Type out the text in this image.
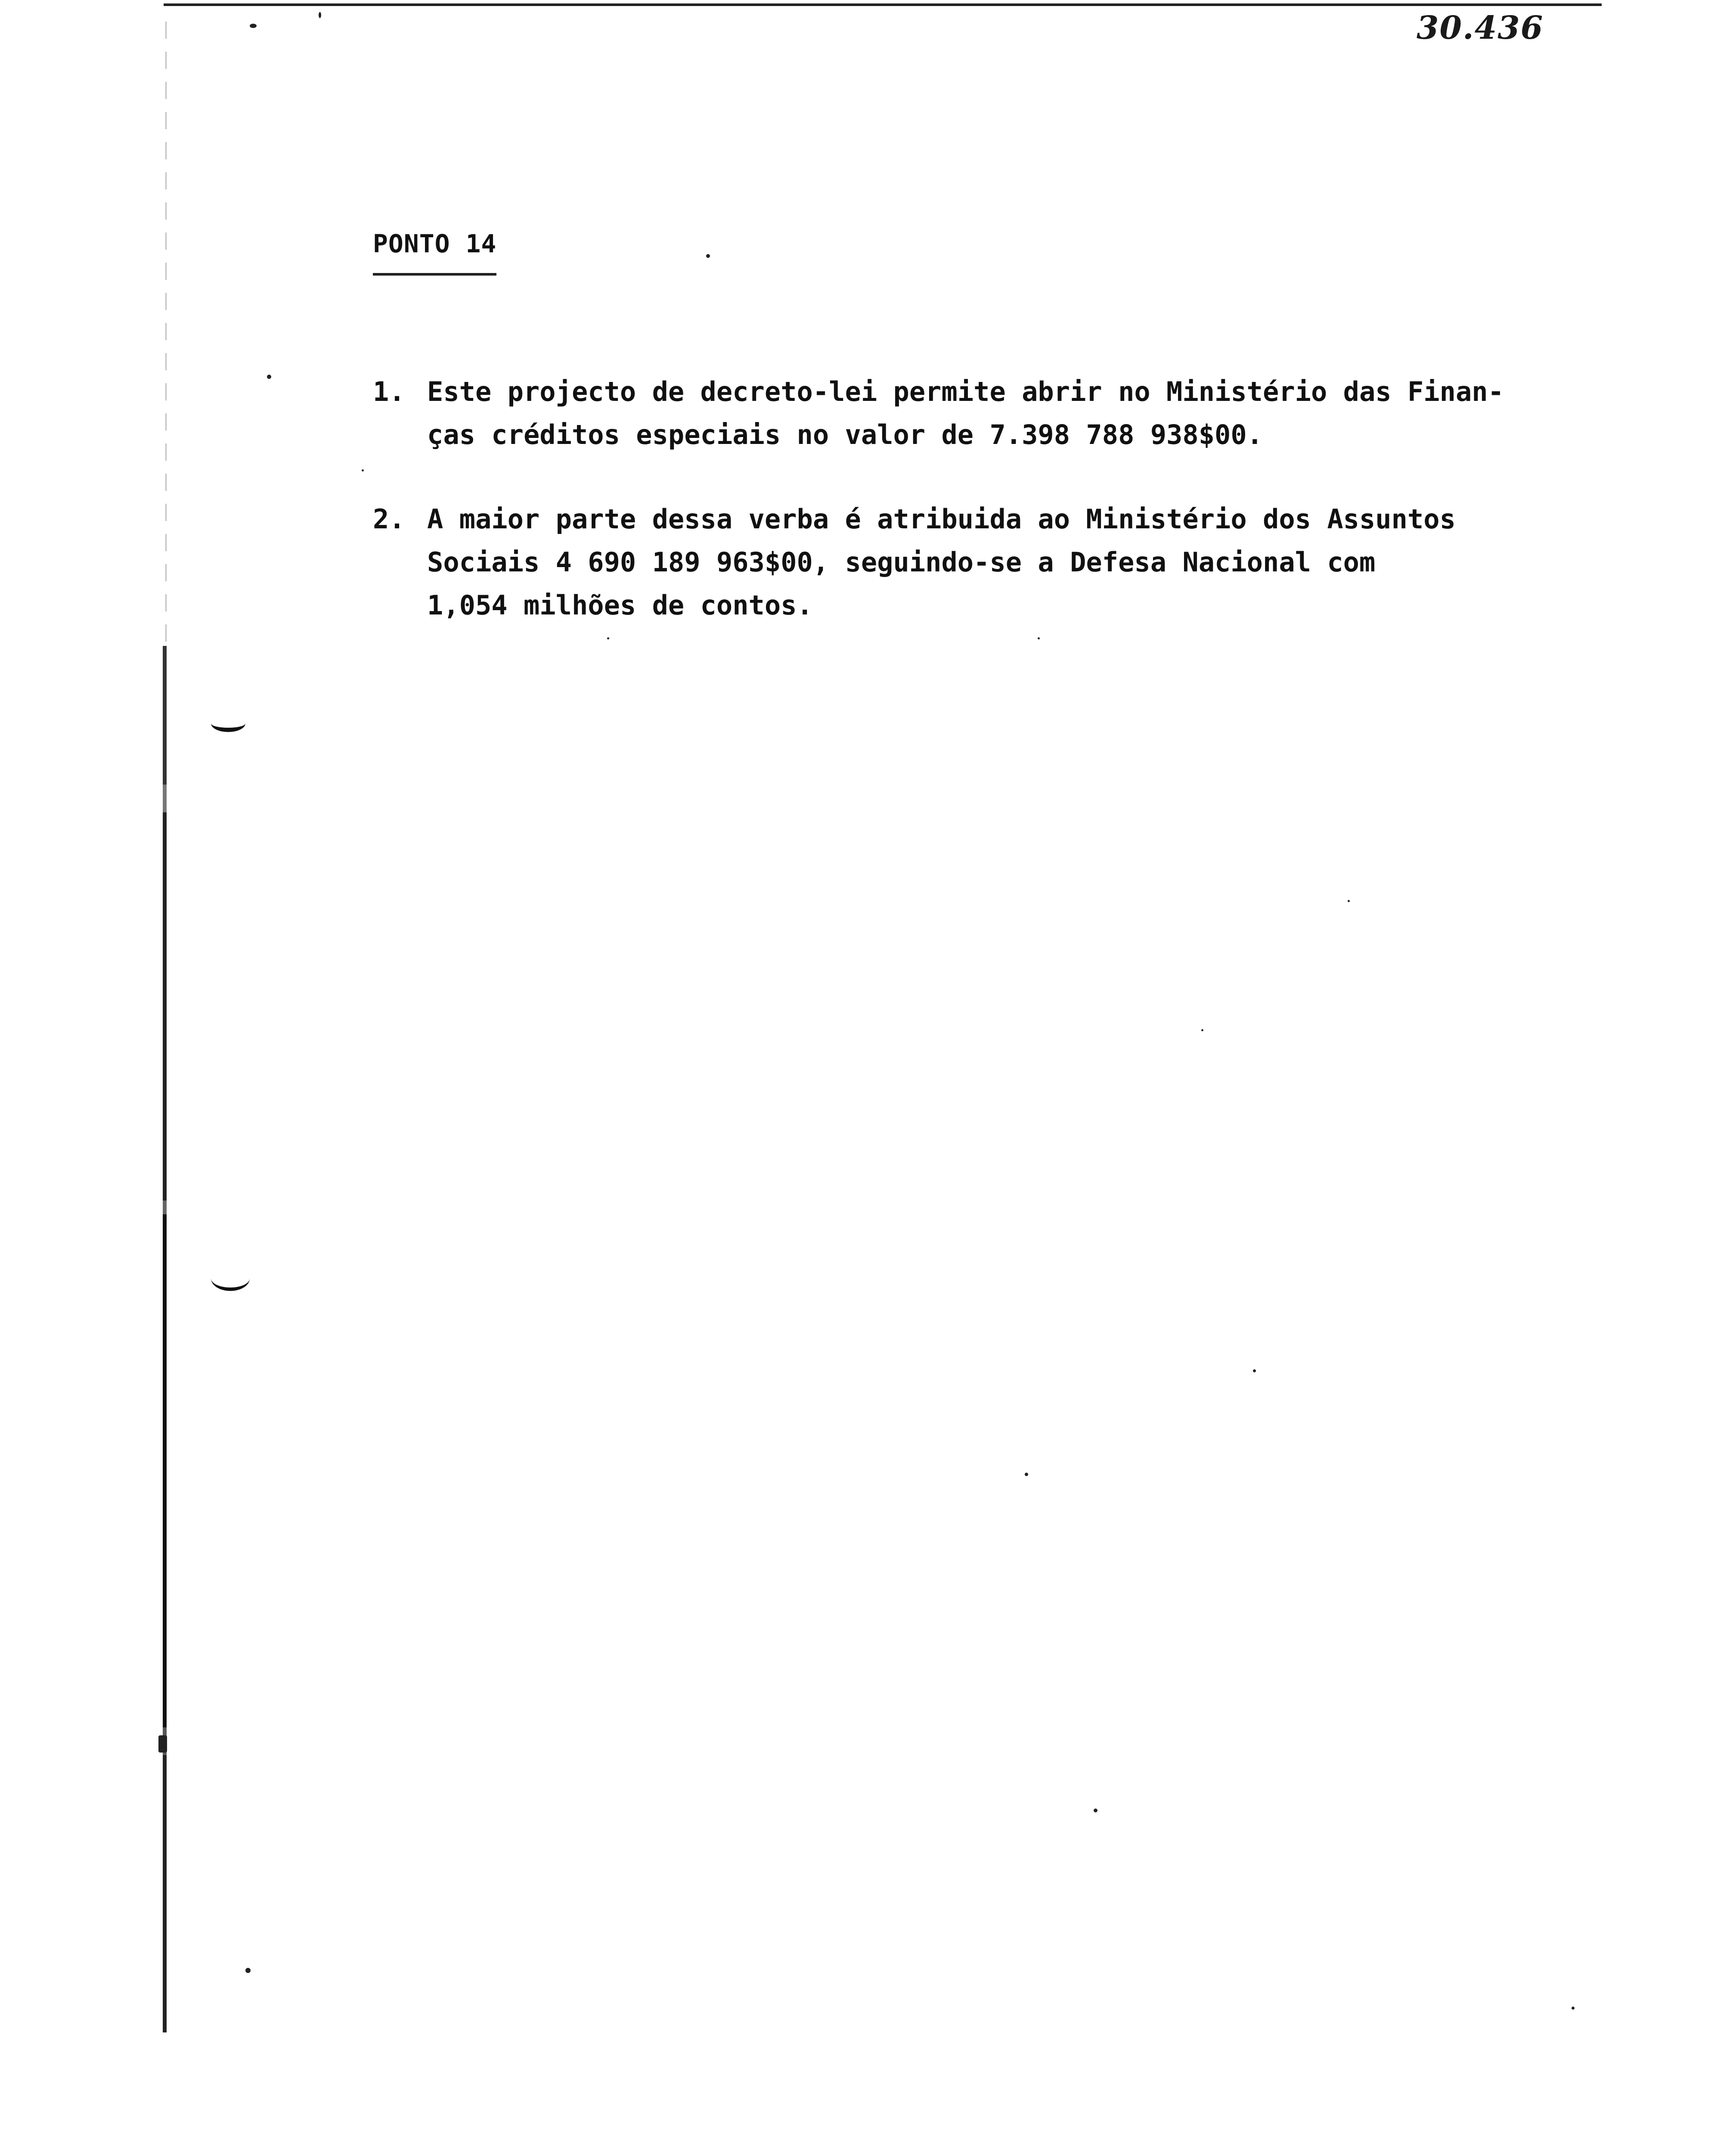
30.436
PONTO 14
1. Este projecto de decreto-lei permite abrir no Ministério das Finan-
ças créditos especiais no valor de 7.398 788 938$00.
2. A maior parte dessa verba é atribuida ao Ministério dos Assuntos
Sociais 4 690 189 963$00, seguindo-se a Defesa Nacional com
1,054 milhões de contos.
